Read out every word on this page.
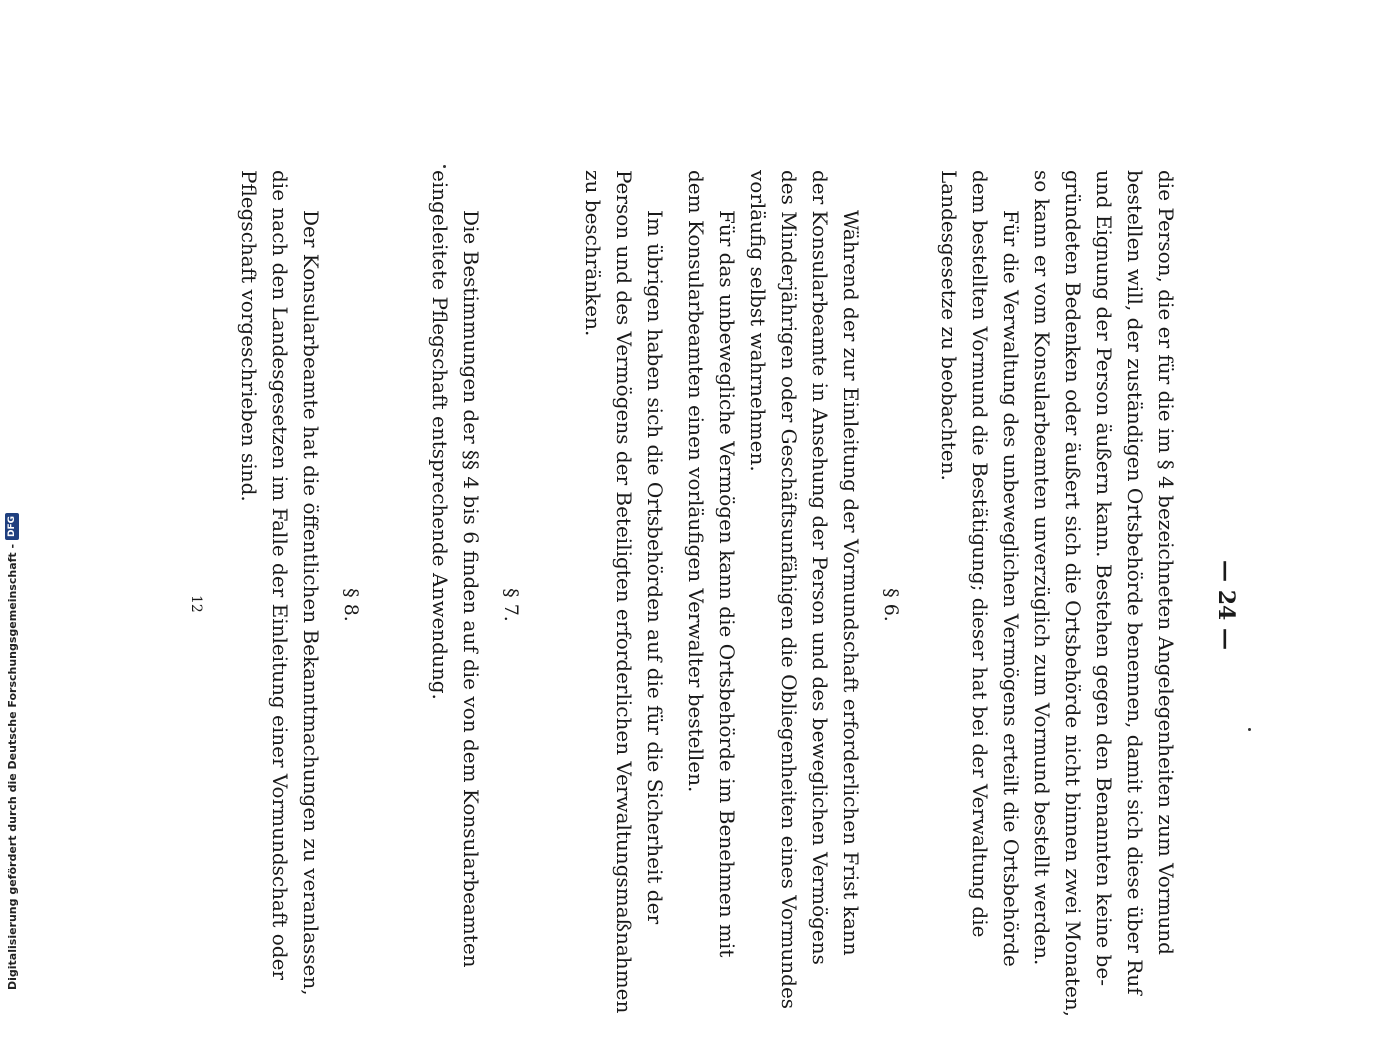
— 24 —
die Person, die er für die im § 4 bezeichneten Angelegenheiten zum Vormund
bestellen will, der zuständigen Ortsbehörde benennen, damit sich diese über Ruf
und Eignung der Person äußern kann. Bestehen gegen den Benannten keine be-
gründeten Bedenken oder äußert sich die Ortsbehörde nicht binnen zwei Monaten,
so kann er vom Konsularbeamten unverzüglich zum Vormund bestellt werden.
Für die Verwaltung des unbeweglichen Vermögens erteilt die Ortsbehörde
dem bestellten Vormund die Bestätigung; dieser hat bei der Verwaltung die
Landesgesetze zu beobachten.
§ 6.
Während der zur Einleitung der Vormundschaft erforderlichen Frist kann
der Konsularbeamte in Ansehung der Person und des beweglichen Vermögens
des Minderjährigen oder Geschäftsunfähigen die Obliegenheiten eines Vormundes
vorläufig selbst wahrnehmen.
Für das unbewegliche Vermögen kann die Ortsbehörde im Benehmen mit
dem Konsularbeamten einen vorläufigen Verwalter bestellen.
Im übrigen haben sich die Ortsbehörden auf die für die Sicherheit der
Person und des Vermögens der Beteiligten erforderlichen Verwaltungsmaßnahmen
zu beschränken.
§ 7.
Die Bestimmungen der §§ 4 bis 6 finden auf die von dem Konsularbeamten
eingeleitete Pflegschaft entsprechende Anwendung.
§ 8.
Der Konsularbeamte hat die öffentlichen Bekanntmachungen zu veranlassen,
die nach den Landesgesetzen im Falle der Einleitung einer Vormundschaft oder
Pflegschaft vorgeschrieben sind.
12
Digitalisierung gefördert durch die Deutsche Forschungsgemeinschaft -
DFG
